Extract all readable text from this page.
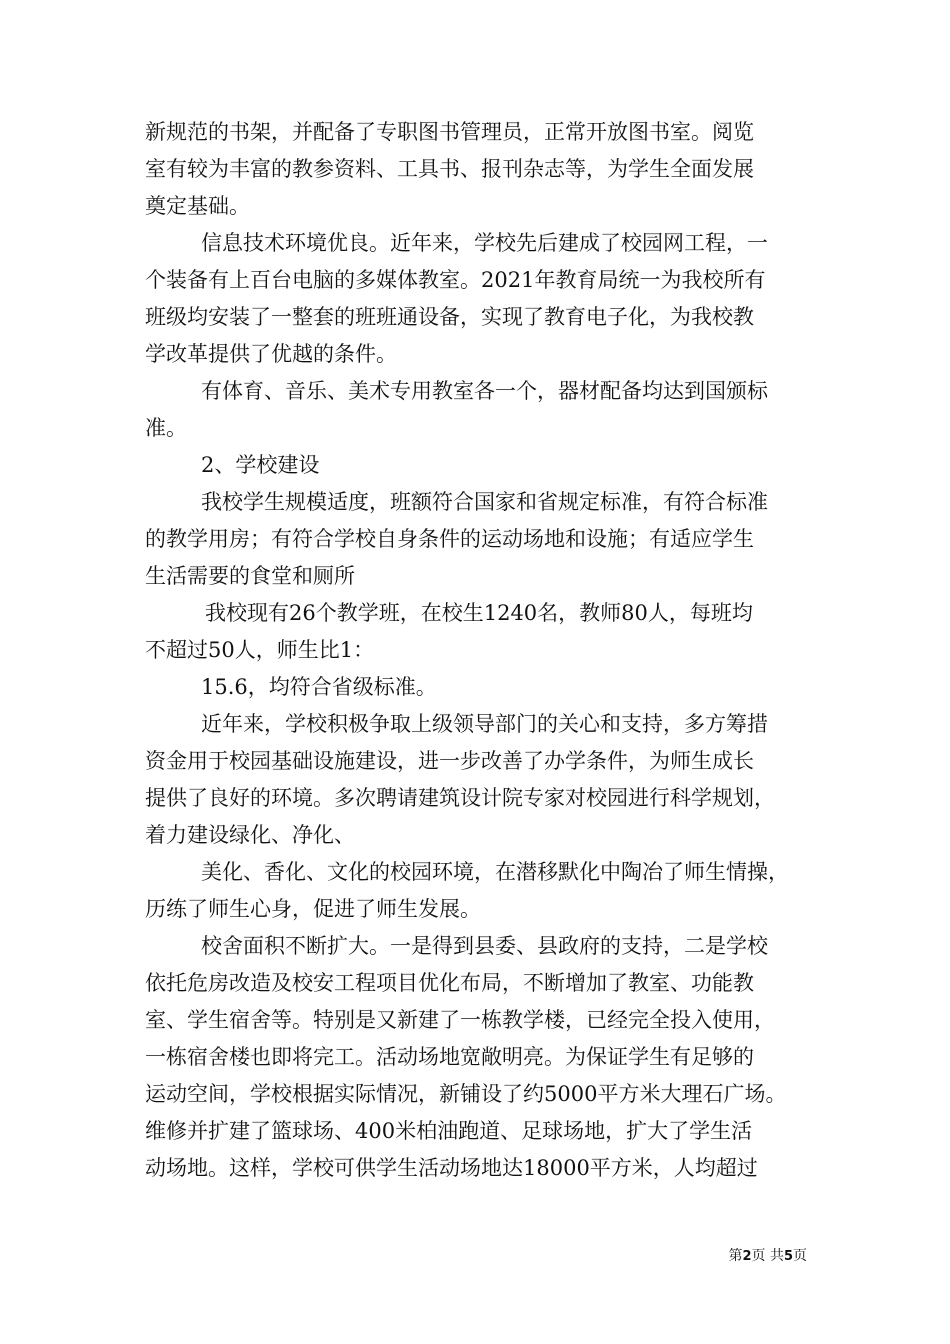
新规范的书架，并配备了专职图书管理员，正常开放图书室。阅览
室有较为丰富的教参资料、工具书、报刊杂志等，为学生全面发展
奠定基础。
信息技术环境优良。近年来，学校先后建成了校园网工程，一
个装备有上百台电脑的多媒体教室。2021年教育局统一为我校所有
班级均安装了一整套的班班通设备，实现了教育电子化，为我校教
学改革提供了优越的条件。
有体育、音乐、美术专用教室各一个，器材配备均达到国颁标
准。
2、学校建设
我校学生规模适度，班额符合国家和省规定标准，有符合标准
的教学用房；有符合学校自身条件的运动场地和设施；有适应学生
生活需要的食堂和厕所
我校现有26个教学班，在校生1240名，教师80人，每班均
不超过50人，师生比1：
15.6，均符合省级标准。
近年来，学校积极争取上级领导部门的关心和支持，多方筹措
资金用于校园基础设施建设，进一步改善了办学条件，为师生成长
提供了良好的环境。多次聘请建筑设计院专家对校园进行科学规划，
着力建设绿化、净化、
美化、香化、文化的校园环境，在潜移默化中陶冶了师生情操，
历练了师生心身，促进了师生发展。
校舍面积不断扩大。一是得到县委、县政府的支持，二是学校
依托危房改造及校安工程项目优化布局，不断增加了教室、功能教
室、学生宿舍等。特别是又新建了一栋教学楼，已经完全投入使用，
一栋宿舍楼也即将完工。活动场地宽敞明亮。为保证学生有足够的
运动空间，学校根据实际情况，新铺设了约5000平方米大理石广场。
维修并扩建了篮球场、400米柏油跑道、足球场地，扩大了学生活
动场地。这样，学校可供学生活动场地达18000平方米，人均超过
第2页 共5页
